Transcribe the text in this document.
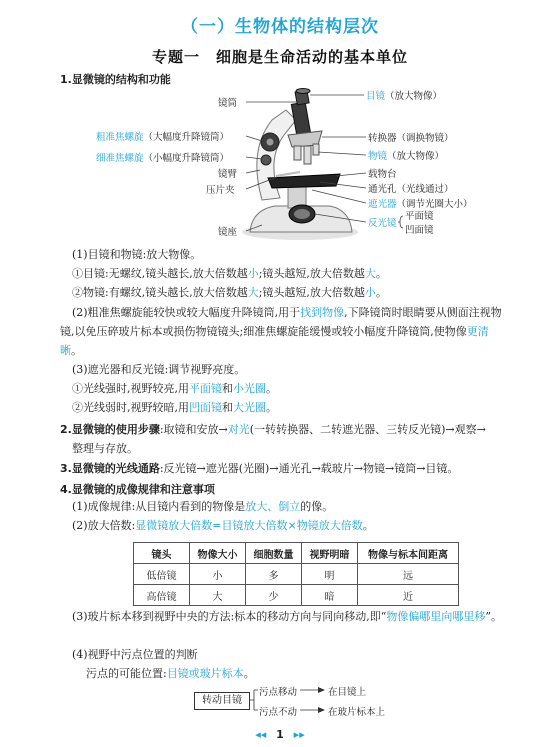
（一）生物体的结构层次
专题一　细胞是生命活动的基本单位
1.显微镜的结构和功能
镜筒
粗准焦螺旋（大幅度升降镜筒）
细准焦螺旋（小幅度升降镜筒）
镜臂
压片夹
镜座
目镜（放大物像）
转换器（调换物镜）
物镜（放大物像）
载物台
通光孔（光线通过）
遮光器（调节光圈大小）
反光镜
平面镜
凹面镜
(1)目镜和物镜:放大物像。
①目镜:无螺纹,镜头越长,放大倍数越小;镜头越短,放大倍数越大。
②物镜:有螺纹,镜头越长,放大倍数越大;镜头越短,放大倍数越小。
(2)粗准焦螺旋能较快或较大幅度升降镜筒,用于找到物像,下降镜筒时眼睛要从侧面注视物镜,以免压碎玻片标本或损伤物镜镜头;细准焦螺旋能缓慢或较小幅度升降镜筒,使物像更清晰。
(3)遮光器和反光镜:调节视野亮度。
①光线强时,视野较亮,用平面镜和小光圈。
②光线弱时,视野较暗,用凹面镜和大光圈。
2.显微镜的使用步骤:取镜和安放→对光(一转转换器、二转遮光器、三转反光镜)→观察→
整理与存放。
3.显微镜的光线通路:反光镜→遮光器(光圈)→通光孔→载玻片→物镜→镜筒→目镜。
4.显微镜的成像规律和注意事项
(1)成像规律:从目镜内看到的物像是放大、倒立的像。
(2)放大倍数:显微镜放大倍数=目镜放大倍数×物镜放大倍数。
镜头	物像大小	细胞数量	视野明暗	物像与标本间距离
低倍镜	小	多	明	远
高倍镜	大	少	暗	近
(3)玻片标本移到视野中央的方法:标本的移动方向与同向移动,即“物像偏哪里向哪里移”。
(4)视野中污点位置的判断
污点的可能位置:目镜或玻片标本。
转动目镜
污点移动	在目镜上
污点不动	在玻片标本上
◂◂ 1 ▸▸
